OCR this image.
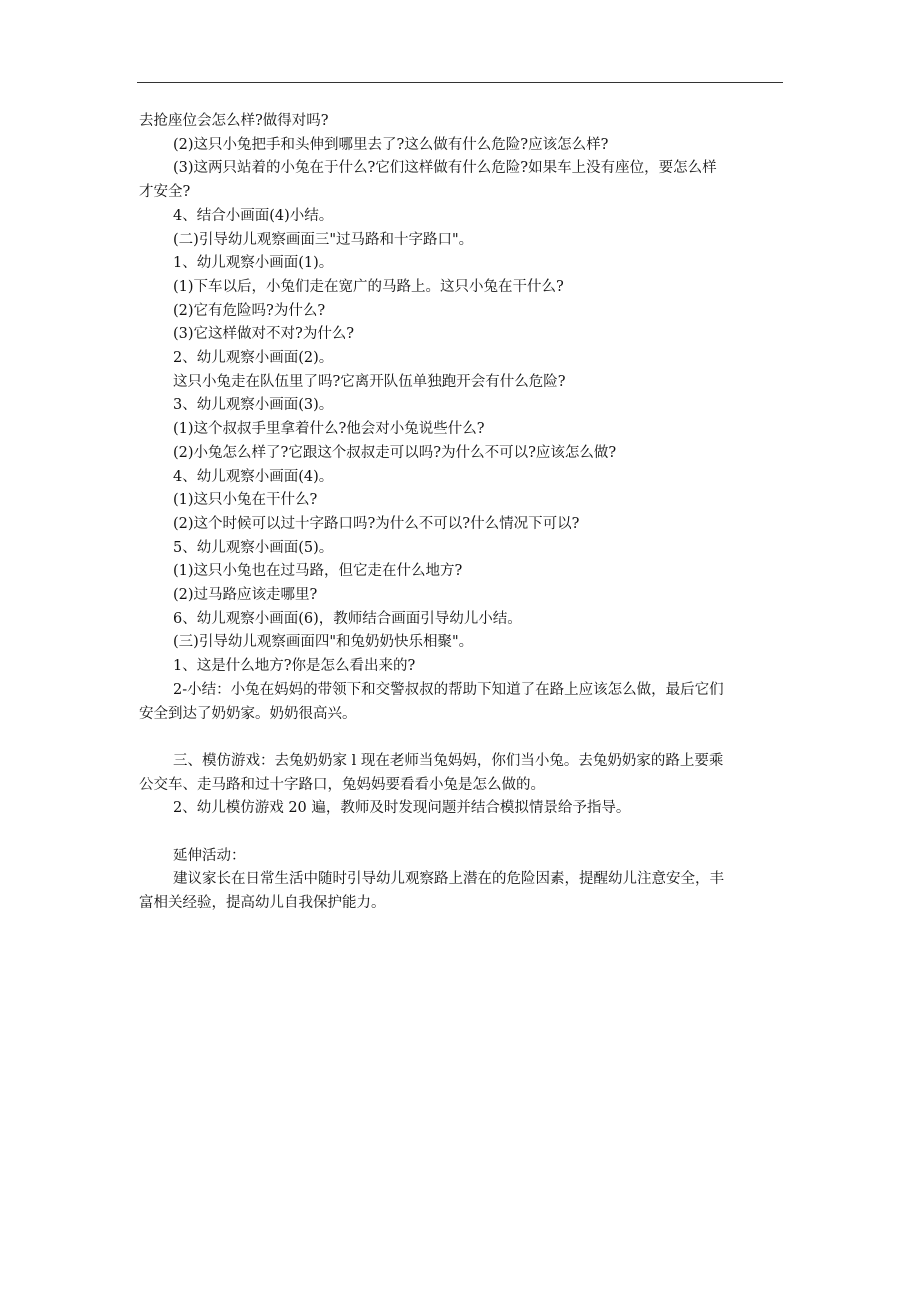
去抢座位会怎么样?做得对吗?

(2)这只小兔把手和头伸到哪里去了?这么做有什么危险?应该怎么样?

(3)这两只站着的小兔在于什么?它们这样做有什么危险?如果车上没有座位，要怎么样

才安全?

4、结合小画面(4)小结。

(二)引导幼儿观察画面三"过马路和十字路口"。

1、幼儿观察小画面(1)。

(1)下车以后，小兔们走在宽广的马路上。这只小兔在干什么?

(2)它有危险吗?为什么?

(3)它这样做对不对?为什么?

2、幼儿观察小画面(2)。

这只小兔走在队伍里了吗?它离开队伍单独跑开会有什么危险?

3、幼儿观察小画面(3)。

(1)这个叔叔手里拿着什么?他会对小兔说些什么?

(2)小兔怎么样了?它跟这个叔叔走可以吗?为什么不可以?应该怎么做?

4、幼儿观察小画面(4)。

(1)这只小兔在干什么?

(2)这个时候可以过十字路口吗?为什么不可以?什么情况下可以?

5、幼儿观察小画面(5)。

(1)这只小兔也在过马路，但它走在什么地方?

(2)过马路应该走哪里?

6、幼儿观察小画面(6)，教师结合画面引导幼儿小结。

(三)引导幼儿观察画面四"和兔奶奶快乐相聚"。

1、这是什么地方?你是怎么看出来的?

2-小结：小兔在妈妈的带领下和交警叔叔的帮助下知道了在路上应该怎么做，最后它们

安全到达了奶奶家。奶奶很高兴。

三、模仿游戏：去兔奶奶家 l 现在老师当兔妈妈，你们当小兔。去兔奶奶家的路上要乘

公交车、走马路和过十字路口，兔妈妈要看看小兔是怎么做的。

2、幼儿模仿游戏 20 遍，教师及时发现问题并结合模拟情景给予指导。

延伸活动：

建议家长在日常生活中随时引导幼儿观察路上潜在的危险因素，提醒幼儿注意安全，丰

富相关经验，提高幼儿自我保护能力。
